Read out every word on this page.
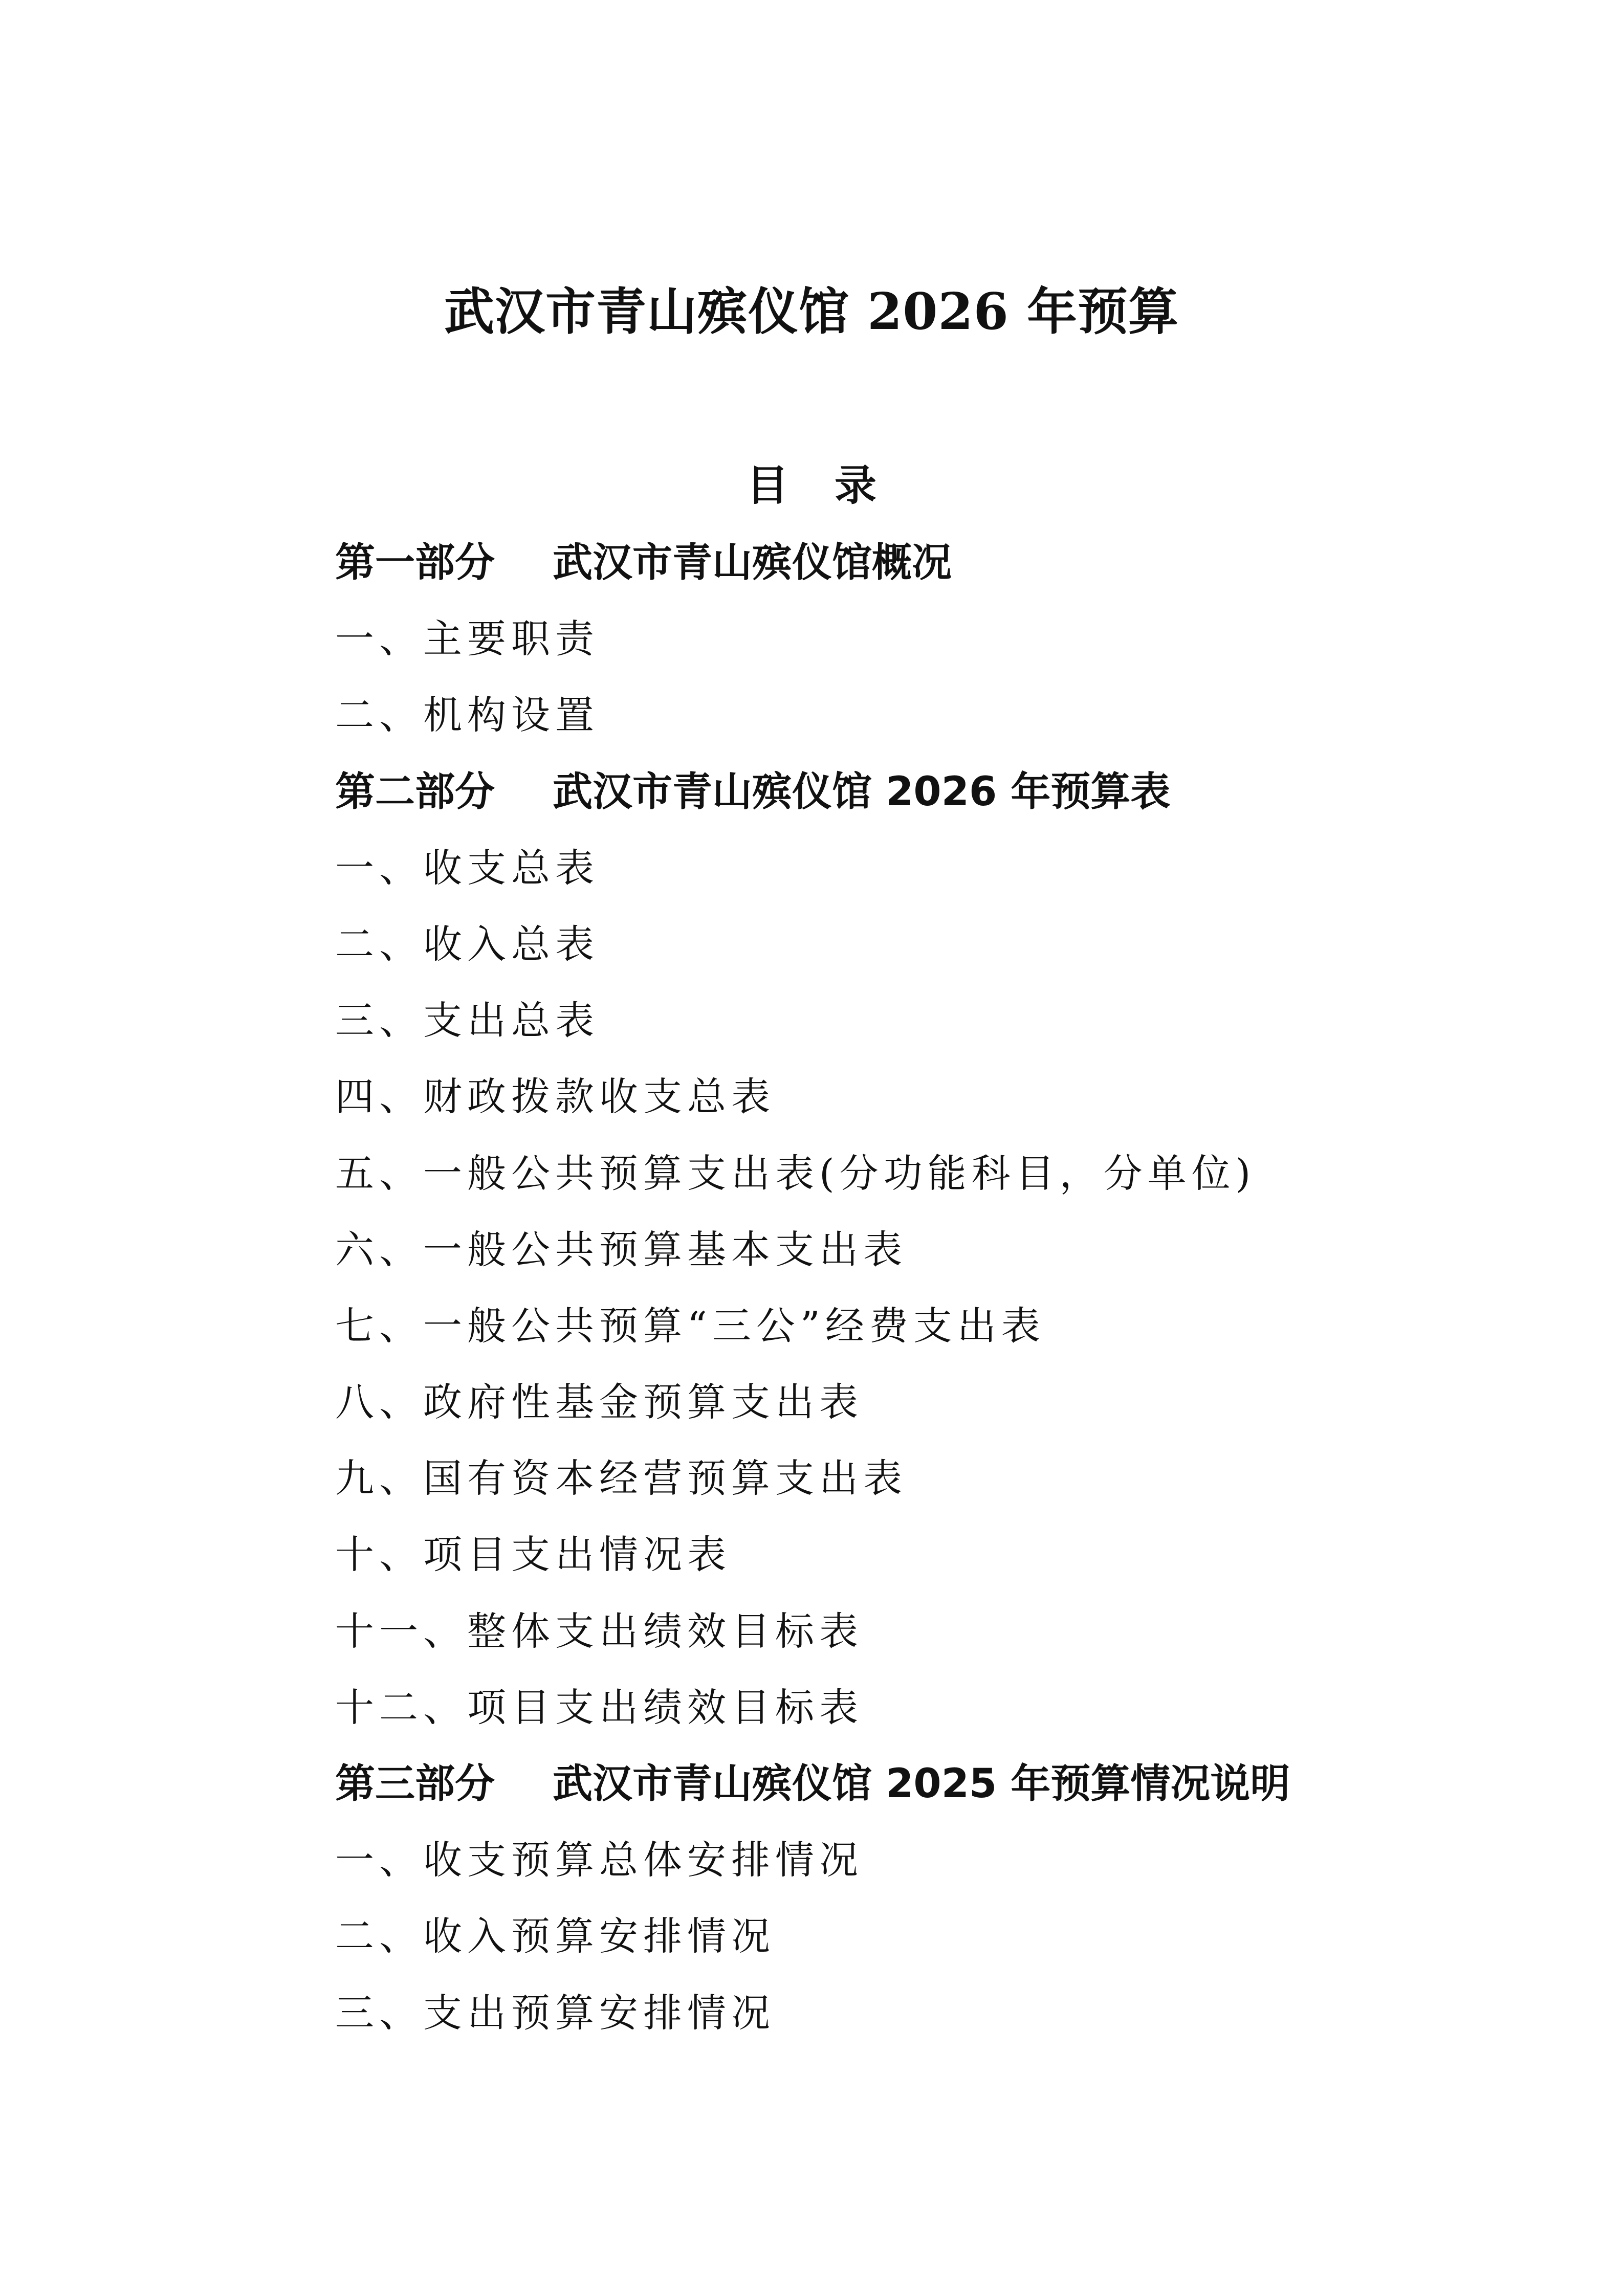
武汉市青山殡仪馆 2026 年预算
目录
第一部分 武汉市青山殡仪馆概况
一、主要职责
二、机构设置
第二部分 武汉市青山殡仪馆 2026 年预算表
一、收支总表
二、收入总表
三、支出总表
四、财政拨款收支总表
五、一般公共预算支出表(分功能科目，分单位)
六、一般公共预算基本支出表
七、一般公共预算“三公”经费支出表
八、政府性基金预算支出表
九、国有资本经营预算支出表
十、项目支出情况表
十一、整体支出绩效目标表
十二、项目支出绩效目标表
第三部分 武汉市青山殡仪馆 2025 年预算情况说明
一、收支预算总体安排情况
二、收入预算安排情况
三、支出预算安排情况
